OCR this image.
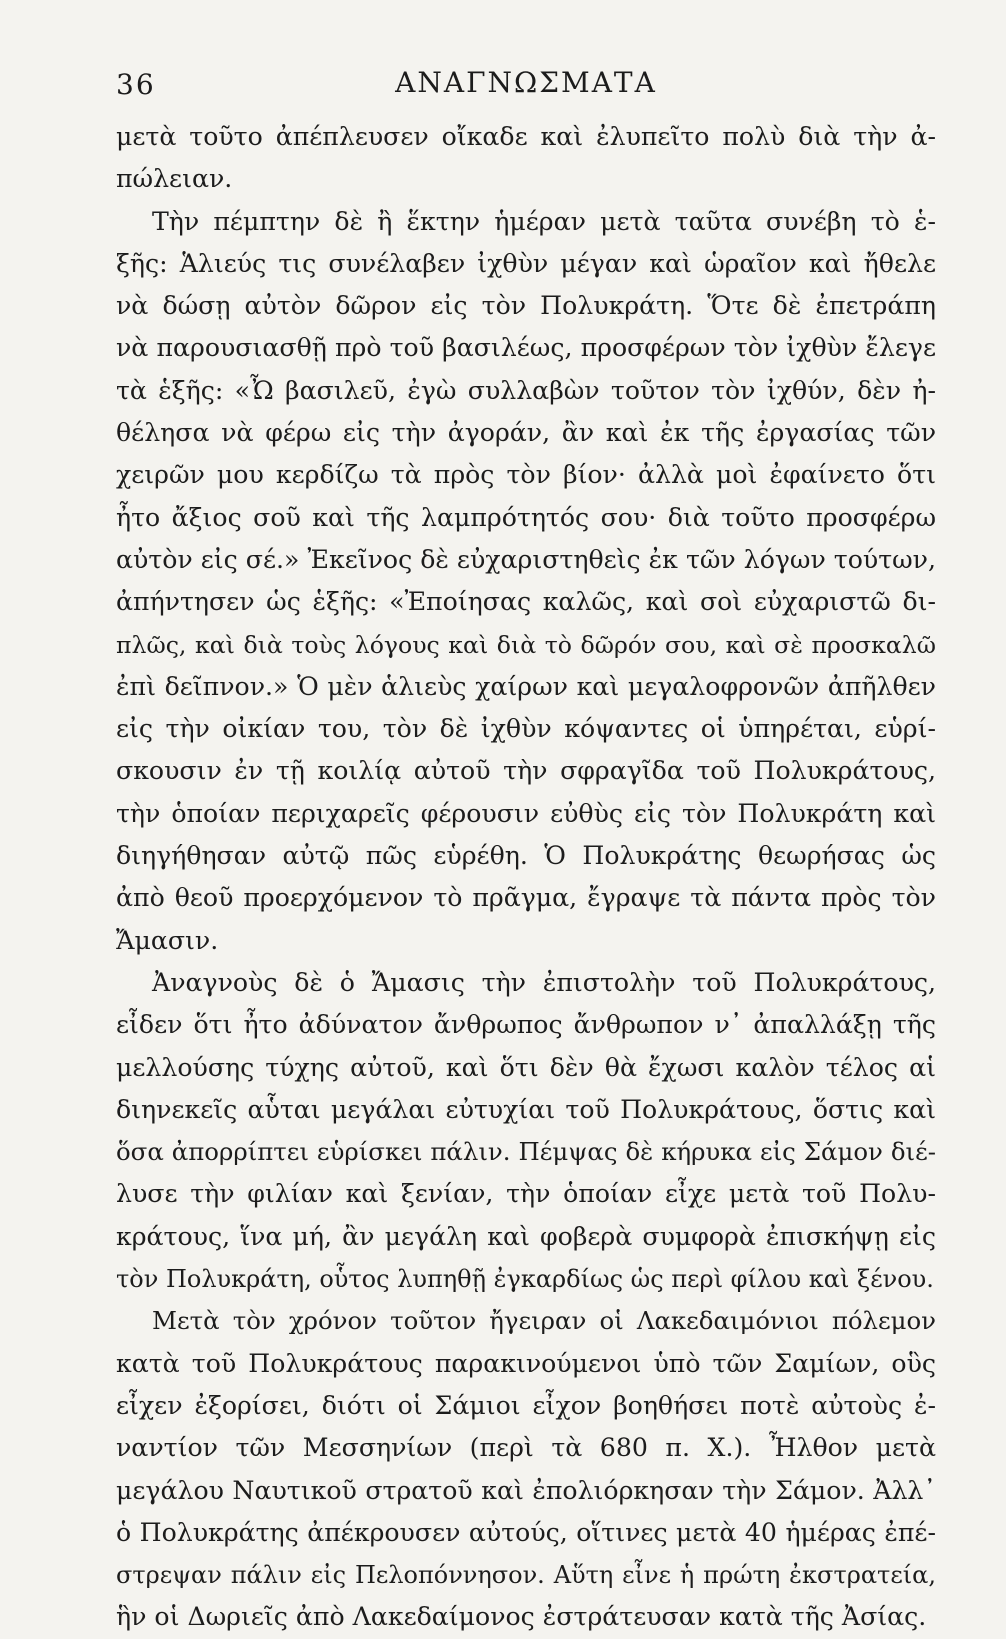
36	ΑΝΑΓΝΩΣΜΑΤΑ
μετὰ τοῦτο ἀπέπλευσεν οἴκαδε καὶ ἐλυπεῖτο πολὺ διὰ τὴν ἀ-
πώλειαν.
Τὴν πέμπτην δὲ ἢ ἕκτην ἡμέραν μετὰ ταῦτα συνέβη τὸ ἑ-
ξῆς: Ἁλιεύς τις συνέλαβεν ἰχθὺν μέγαν καὶ ὡραῖον καὶ ἤθελε
νὰ δώσῃ αὐτὸν δῶρον εἰς τὸν Πολυκράτη. Ὅτε δὲ ἐπετράπη
νὰ παρουσιασθῇ πρὸ τοῦ βασιλέως, προσφέρων τὸν ἰχθὺν ἔλεγε
τὰ ἑξῆς: «Ὦ βασιλεῦ, ἐγὼ συλλαβὼν τοῦτον τὸν ἰχθύν, δὲν ἠ-
θέλησα νὰ φέρω εἰς τὴν ἀγοράν, ἂν καὶ ἐκ τῆς ἐργασίας τῶν
χειρῶν μου κερδίζω τὰ πρὸς τὸν βίον· ἀλλὰ μοὶ ἐφαίνετο ὅτι
ἦτο ἄξιος σοῦ καὶ τῆς λαμπρότητός σου· διὰ τοῦτο προσφέρω
αὐτὸν εἰς σέ.» Ἐκεῖνος δὲ εὐχαριστηθεὶς ἐκ τῶν λόγων τούτων,
ἀπήντησεν ὡς ἑξῆς: «Ἐποίησας καλῶς, καὶ σοὶ εὐχαριστῶ δι-
πλῶς, καὶ διὰ τοὺς λόγους καὶ διὰ τὸ δῶρόν σου, καὶ σὲ προσκαλῶ
ἐπὶ δεῖπνον.» Ὁ μὲν ἁλιεὺς χαίρων καὶ μεγαλοφρονῶν ἀπῆλθεν
εἰς τὴν οἰκίαν του, τὸν δὲ ἰχθὺν κόψαντες οἱ ὑπηρέται, εὑρί-
σκουσιν ἐν τῇ κοιλίᾳ αὐτοῦ τὴν σφραγῖδα τοῦ Πολυκράτους,
τὴν ὁποίαν περιχαρεῖς φέρουσιν εὐθὺς εἰς τὸν Πολυκράτη καὶ
διηγήθησαν αὐτῷ πῶς εὑρέθη. Ὁ Πολυκράτης θεωρήσας ὡς
ἀπὸ θεοῦ προερχόμενον τὸ πρᾶγμα, ἔγραψε τὰ πάντα πρὸς τὸν
Ἄμασιν.
Ἀναγνοὺς δὲ ὁ Ἄμασις τὴν ἐπιστολὴν τοῦ Πολυκράτους,
εἶδεν ὅτι ἦτο ἀδύνατον ἄνθρωπος ἄνθρωπον ν᾽ ἀπαλλάξῃ τῆς
μελλούσης τύχης αὐτοῦ, καὶ ὅτι δὲν θὰ ἔχωσι καλὸν τέλος αἱ
διηνεκεῖς αὗται μεγάλαι εὐτυχίαι τοῦ Πολυκράτους, ὅστις καὶ
ὅσα ἀπορρίπτει εὑρίσκει πάλιν. Πέμψας δὲ κήρυκα εἰς Σάμον διέ-
λυσε τὴν φιλίαν καὶ ξενίαν, τὴν ὁποίαν εἶχε μετὰ τοῦ Πολυ-
κράτους, ἵνα μή, ἂν μεγάλη καὶ φοβερὰ συμφορὰ ἐπισκήψῃ εἰς
τὸν Πολυκράτη, οὗτος λυπηθῇ ἐγκαρδίως ὡς περὶ φίλου καὶ ξένου.
Μετὰ τὸν χρόνον τοῦτον ἤγειραν οἱ Λακεδαιμόνιοι πόλεμον
κατὰ τοῦ Πολυκράτους παρακινούμενοι ὑπὸ τῶν Σαμίων, οὓς
εἶχεν ἐξορίσει, διότι οἱ Σάμιοι εἶχον βοηθήσει ποτὲ αὐτοὺς ἐ-
ναντίον τῶν Μεσσηνίων (περὶ τὰ 680 π. Χ.). Ἦλθον μετὰ
μεγάλου Ναυτικοῦ στρατοῦ καὶ ἐπολιόρκησαν τὴν Σάμον. Ἀλλ᾽
ὁ Πολυκράτης ἀπέκρουσεν αὐτούς, οἵτινες μετὰ 40 ἡμέρας ἐπέ-
στρεψαν πάλιν εἰς Πελοπόννησον. Αὕτη εἶνε ἡ πρώτη ἐκστρατεία,
ἣν οἱ Δωριεῖς ἀπὸ Λακεδαίμονος ἐστράτευσαν κατὰ τῆς Ἀσίας.
